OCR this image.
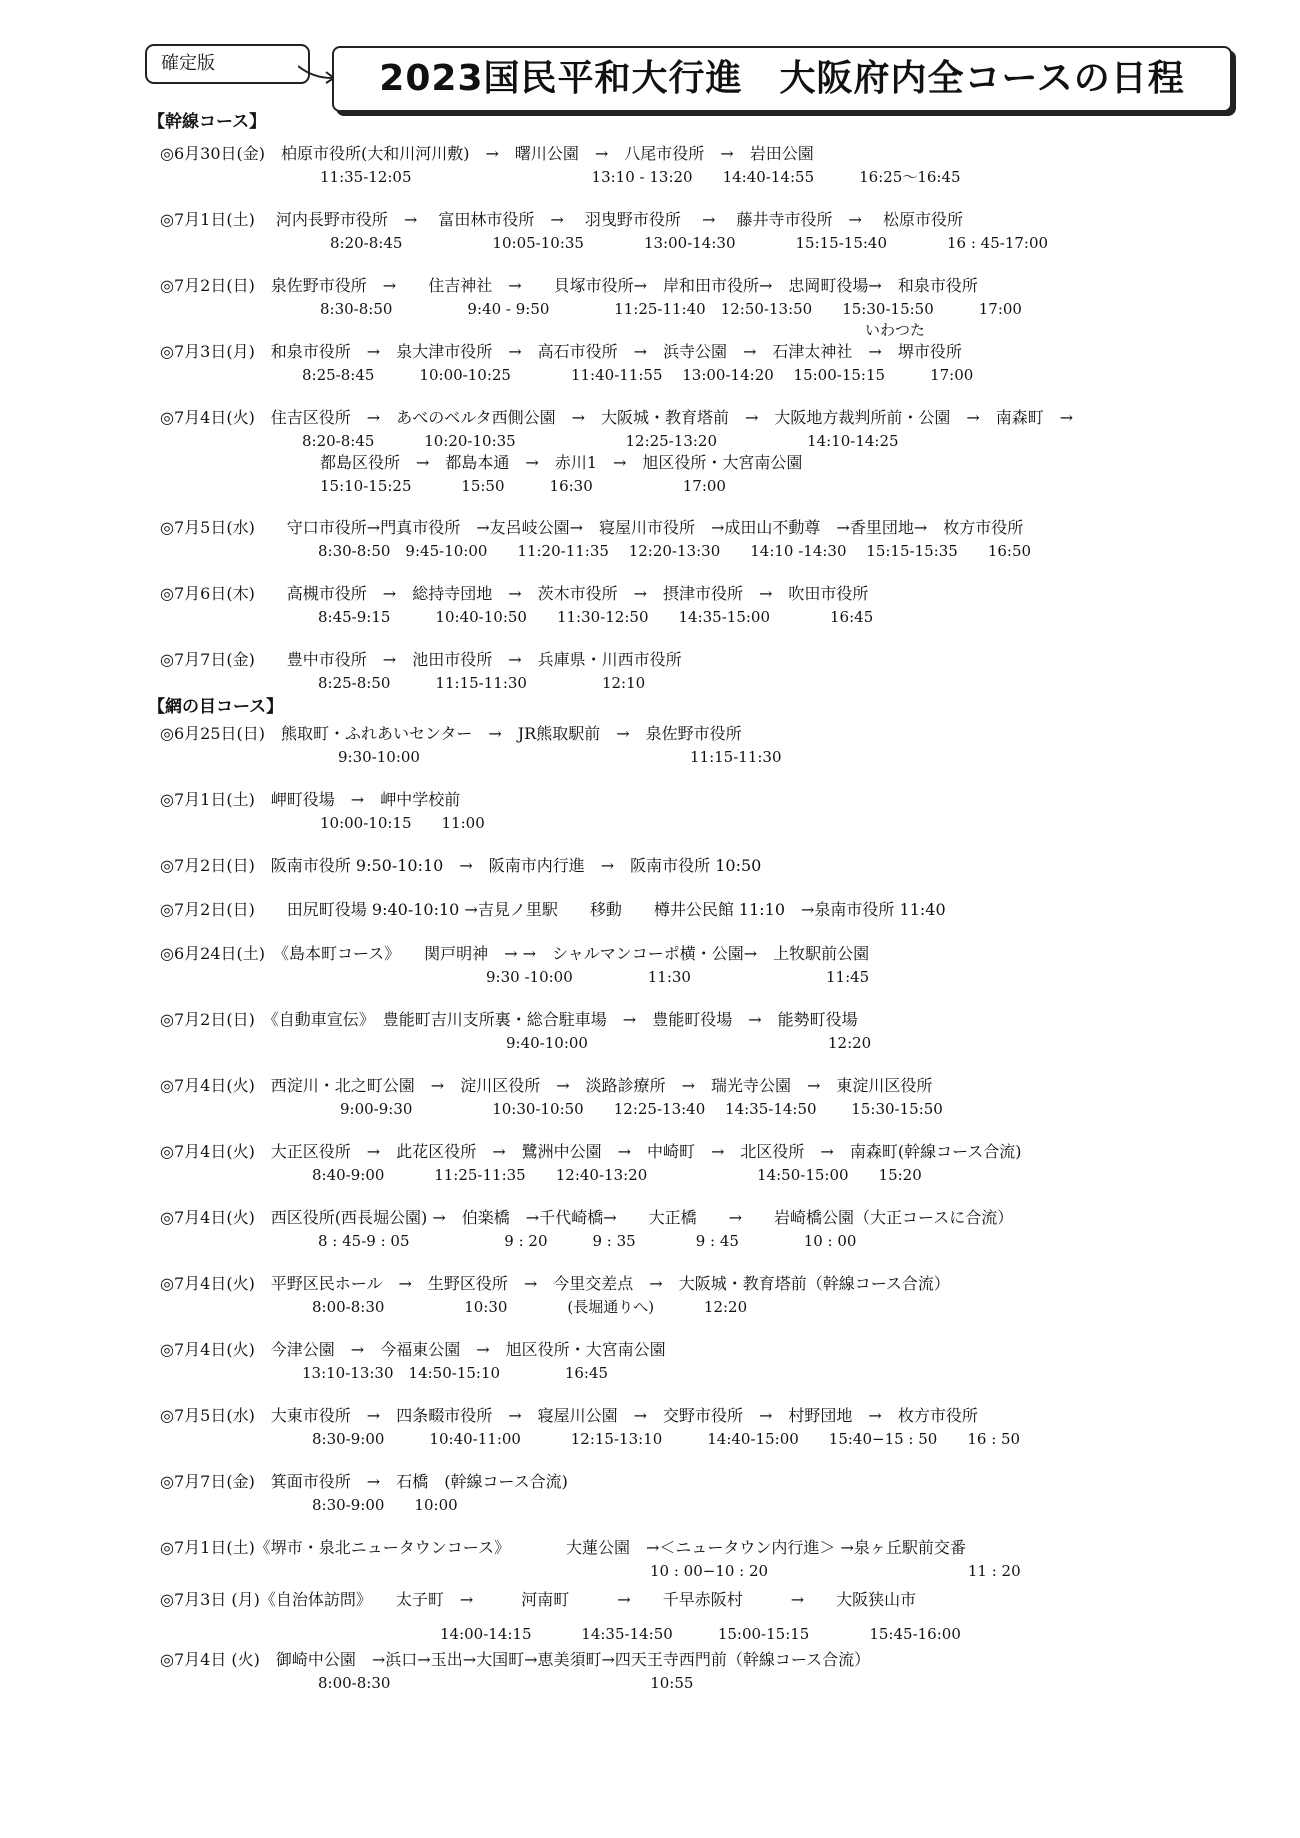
確定版	2023国民平和大行進　大阪府内全コースの日程
【幹線コース】
◎6月30日(金)　柏原市役所(大和川河川敷)　→　曙川公園　→　八尾市役所　→　岩田公園
11:35-12:05　　　　　　　　　　　　13:10 - 13:20　　14:40-14:55　　　16:25〜16:45
◎7月1日(土)　 河内長野市役所　→　 富田林市役所　→　 羽曳野市役所　 →　 藤井寺市役所　→　 松原市役所
8:20-8:45　　　　　　10:05-10:35　　　　13:00-14:30　　　　15:15-15:40　　　　16 : 45-17:00
◎7月2日(日)　泉佐野市役所　→　　住吉神社　→　　貝塚市役所→　岸和田市役所→　忠岡町役場→　和泉市役所
8:30-8:50　　　　　9:40 - 9:50　　　　 11:25-11:40　12:50-13:50　　15:30-15:50　　　17:00
いわつた
◎7月3日(月)　和泉市役所　→　泉大津市役所　→　高石市役所　→　浜寺公園　→　石津太神社　→　堺市役所
8:25-8:45　　　10:00-10:25　　　　11:40-11:55　 13:00-14:20　 15:00-15:15　　　17:00
◎7月4日(火)　住吉区役所　→　あべのベルタ西側公園　→　大阪城・教育塔前　→　大阪地方裁判所前・公園　→　南森町　→
8:20-8:45　　　 10:20-10:35　　　　　　　 12:25-13:20　　　　　　14:10-14:25
都島区役所　→　都島本通　→　赤川1　→　旭区役所・大宮南公園
15:10-15:25　　　 15:50　　　16:30　　　　　　17:00
◎7月5日(水)　　守口市役所→門真市役所　→友呂岐公園→　寝屋川市役所　→成田山不動尊　→香里団地→　枚方市役所
8:30-8:50　9:45-10:00　　11:20-11:35　 12:20-13:30　　14:10 -14:30　 15:15-15:35　　16:50
◎7月6日(木)　　高槻市役所　→　総持寺団地　→　茨木市役所　→　摂津市役所　→　吹田市役所
8:45-9:15　　　10:40-10:50　　11:30-12:50　　14:35-15:00　　　　16:45
◎7月7日(金)　　豊中市役所　→　池田市役所　→　兵庫県・川西市役所
8:25-8:50　　　11:15-11:30　　　　　12:10
【網の目コース】
◎6月25日(日)　熊取町・ふれあいセンター　→　JR熊取駅前　→　泉佐野市役所
9:30-10:00　　　　　　　　　　　　　　　　　　11:15-11:30
◎7月1日(土)　岬町役場　→　岬中学校前
10:00-10:15　　11:00
◎7月2日(日)　阪南市役所 9:50-10:10　→　阪南市内行進　→　阪南市役所 10:50
◎7月2日(日)　　田尻町役場 9:40-10:10 →吉見ノ里駅　　移動　　樽井公民館 11:10　→泉南市役所 11:40
◎6月24日(土)　《島本町コース》　　関戸明神　→ →　シャルマンコーポ横・公園→　上牧駅前公園
9:30 -10:00　　　　　11:30　　　　　　　　　11:45
◎7月2日(日)　《自動車宣伝》　豊能町吉川支所裏・総合駐車場　→　豊能町役場　→　能勢町役場
9:40-10:00　　　　　　　　　　　　　　　　12:20
◎7月4日(火)　西淀川・北之町公園　→　淀川区役所　→　淡路診療所　→　瑞光寺公園　→　東淀川区役所
9:00-9:30　　　　　 10:30-10:50　　12:25-13:40　 14:35-14:50　　 15:30-15:50
◎7月4日(火)　大正区役所　→　此花区役所　→　鷺洲中公園　→　中崎町　→　北区役所　→　南森町(幹線コース合流)
8:40-9:00　　　 11:25-11:35　　12:40-13:20　　　　　　　 14:50-15:00　　15:20
◎7月4日(火)　西区役所(西長堀公園) →　伯楽橋　→千代崎橋→　　大正橋　　→　　岩崎橋公園（大正コースに合流）
8 : 45-9 : 05　　　　　　 9 : 20　　　9 : 35　　　　9 : 45　　　　 10 : 00
◎7月4日(火)　平野区民ホール　→　生野区役所　→　今里交差点　→　大阪城・教育塔前（幹線コース合流）
8:00-8:30　　　　　 10:30　　　　(長堀通りへ)　　　 12:20
◎7月4日(火)　今津公園　→　今福東公園　→　旭区役所・大宮南公園
13:10-13:30　14:50-15:10　　　　 16:45
◎7月5日(水)　大東市役所　→　四条畷市役所　→　寝屋川公園　→　交野市役所　→　村野団地　→　枚方市役所
8:30-9:00　　　10:40-11:00　　　 12:15-13:10　　　14:40-15:00　　15:40−15 : 50　　16 : 50
◎7月7日(金)　箕面市役所　→　石橋　(幹線コース合流)
8:30-9:00　　10:00
◎7月1日(土)《堺市・泉北ニュータウンコース》　　　　大蓮公園　→＜ニュータウン内行進＞ →泉ヶ丘駅前交番
10 : 00−10 : 20　　　　　　　　　　　　　 11 : 20
◎7月3日 (月)《自治体訪問》　　太子町　→　　　河南町　　　→　　千早赤阪村　　　→　　大阪狭山市
14:00-14:15　　　 14:35-14:50　　　15:00-15:15　　　　15:45-16:00
◎7月4日 (火)　御崎中公園　→浜口→玉出→大国町→恵美須町→四天王寺西門前（幹線コース合流）
8:00-8:30　　　　　　　　　　　　　　　　　 10:55
